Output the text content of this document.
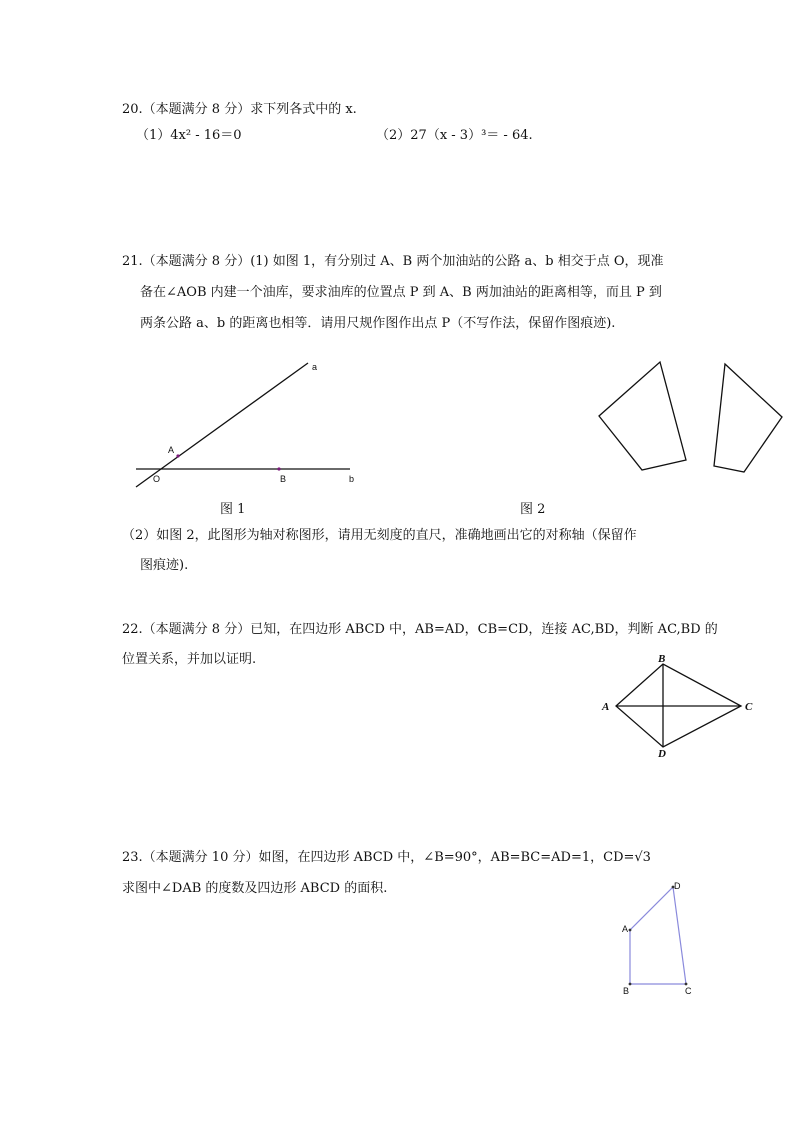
20.（本题满分 8 分）求下列各式中的 x.
（1）4x² - 16＝0	（2）27（x - 3）³＝ - 64.
21.（本题满分 8 分）(1) 如图 1，有分别过 A、B 两个加油站的公路 a、b 相交于点 O，现准
备在∠AOB 内建一个油库，要求油库的位置点 P 到 A、B 两加油站的距离相等，而且 P 到
两条公路 a、b 的距离也相等．请用尺规作图作出点 P（不写作法，保留作图痕迹).
a
A
O	B	b
图 1	图 2
（2）如图 2，此图形为轴对称图形，请用无刻度的直尺，准确地画出它的对称轴（保留作
图痕迹).
22.（本题满分 8 分）已知，在四边形 ABCD 中，AB=AD，CB=CD，连接 AC,BD，判断 AC,BD 的
位置关系，并加以证明.
A
B
C
D
23.（本题满分 10 分）如图，在四边形 ABCD 中，∠B=90°，AB=BC=AD=1，CD=√3
求图中∠DAB 的度数及四边形 ABCD 的面积.
A
B	C
D
